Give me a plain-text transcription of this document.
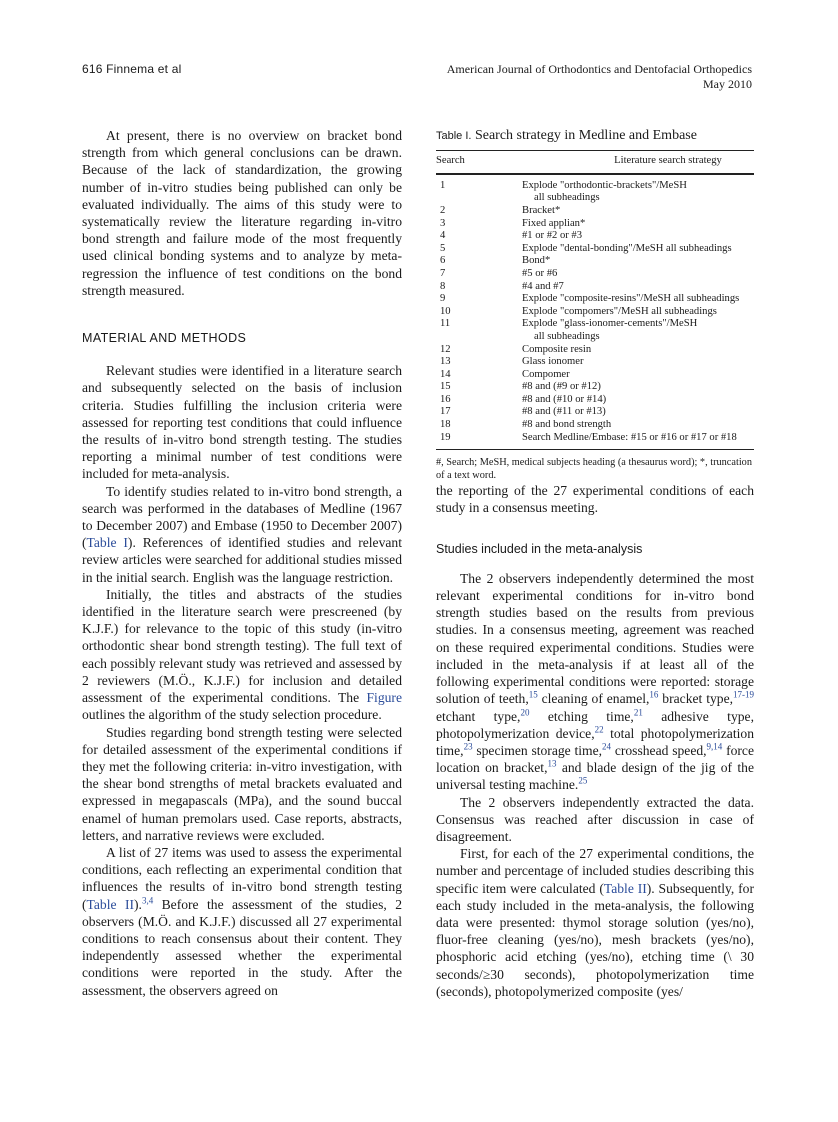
616 Finnema et al	American Journal of Orthodontics and Dentofacial Orthopedics
May 2010

At present, there is no overview on bracket bond strength from which general conclusions can be drawn. Because of the lack of standardization, the growing number of in-vitro studies being published can only be evaluated individually. The aims of this study were to systematically review the literature regarding in-vitro bond strength and failure mode of the most frequently used clinical bonding systems and to analyze by meta-regression the influence of test conditions on the bond strength measured.

MATERIAL AND METHODS

Relevant studies were identified in a literature search and subsequently selected on the basis of inclusion criteria. Studies fulfilling the inclusion criteria were assessed for reporting test conditions that could influence the results of in-vitro bond strength testing. The studies reporting a minimal number of test conditions were included for meta-analysis.

To identify studies related to in-vitro bond strength, a search was performed in the databases of Medline (1967 to December 2007) and Embase (1950 to December 2007) (Table I). References of identified studies and relevant review articles were searched for additional studies missed in the initial search. English was the language restriction.

Initially, the titles and abstracts of the studies identified in the literature search were prescreened (by K.J.F.) for relevance to the topic of this study (in-vitro orthodontic shear bond strength testing). The full text of each possibly relevant study was retrieved and assessed by 2 reviewers (M.Ö., K.J.F.) for inclusion and detailed assessment of the experimental conditions. The Figure outlines the algorithm of the study selection procedure.

Studies regarding bond strength testing were selected for detailed assessment of the experimental conditions if they met the following criteria: in-vitro investigation, with the shear bond strengths of metal brackets evaluated and expressed in megapascals (MPa), and the sound buccal enamel of human premolars used. Case reports, abstracts, letters, and narrative reviews were excluded.

A list of 27 items was used to assess the experimental conditions, each reflecting an experimental condition that influences the results of in-vitro bond strength testing (Table II).$^{3,4}$ Before the assessment of the studies, 2 observers (M.Ö. and K.J.F.) discussed all 27 experimental conditions to reach consensus about their content. They independently assessed whether the experimental conditions were reported in the study. After the assessment, the observers agreed on

Table I. Search strategy in Medline and Embase
Search	Literature search strategy
1	Explode "orthodontic-brackets"/MeSH
all subheadings

2	Bracket*
3	Fixed applian*
4	#1 or #2 or #3
5	Explode "dental-bonding"/MeSH all subheadings
6	Bond*
7	#5 or #6
8	#4 and #7
9	Explode "composite-resins"/MeSH all subheadings
10	Explode "compomers"/MeSH all subheadings
11	Explode "glass-ionomer-cements"/MeSH
all subheadings

12	Composite resin
13	Glass ionomer
14	Compomer
15	#8 and (#9 or #12)
16	#8 and (#10 or #14)
17	#8 and (#11 or #13)
18	#8 and bond strength
19	Search Medline/Embase: #15 or #16 or #17 or #18
#, Search; MeSH, medical subjects heading (a thesaurus word); *, truncation of a text word.

the reporting of the 27 experimental conditions of each study in a consensus meeting.

Studies included in the meta-analysis

The 2 observers independently determined the most relevant experimental conditions for in-vitro bond strength studies based on the results from previous studies. In a consensus meeting, agreement was reached on these required experimental conditions. Studies were included in the meta-analysis if at least all of the following experimental conditions were reported: storage solution of teeth,$^{15}$ cleaning of enamel,$^{16}$ bracket type,$^{17-19}$ etchant type,$^{20}$ etching time,$^{21}$ adhesive type, photopolymerization device,$^{22}$ total photopolymerization time,$^{23}$ specimen storage time,$^{24}$ crosshead speed,$^{9,14}$ force location on bracket,$^{13}$ and blade design of the jig of the universal testing machine.$^{25}$

The 2 observers independently extracted the data. Consensus was reached after discussion in case of disagreement.

First, for each of the 27 experimental conditions, the number and percentage of included studies describing this specific item were calculated (Table II). Subsequently, for each study included in the meta-analysis, the following data were presented: thymol storage solution (yes/no), fluor-free cleaning (yes/no), mesh brackets (yes/no), phosphoric acid etching (yes/no), etching time (\ 30 seconds/≥30 seconds), photopolymerization time (seconds), photopolymerized composite (yes/
